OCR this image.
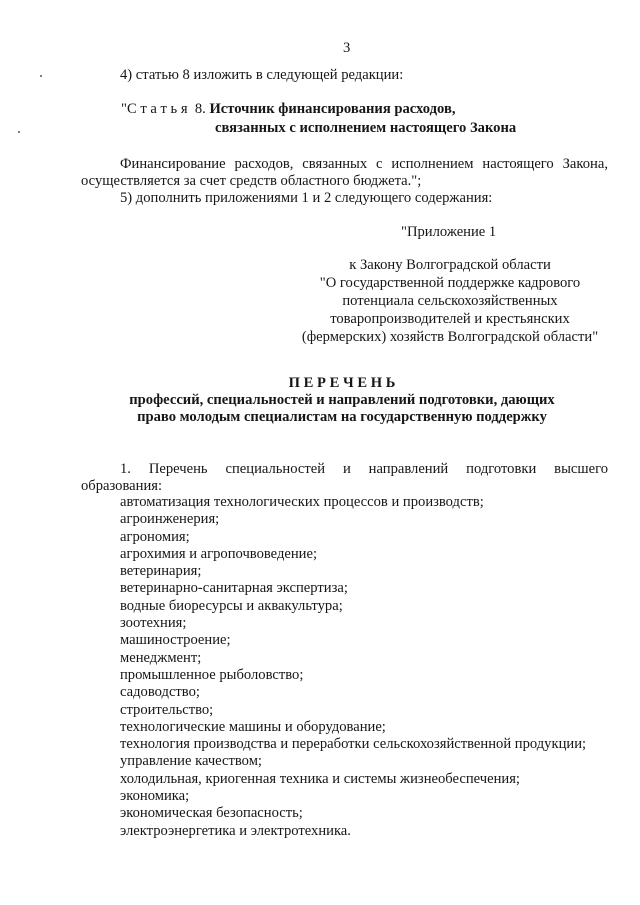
3
4) статью 8 изложить в следующей редакции:
"С т а т ь я  8. Источник финансирования расходов,
связанных с исполнением настоящего Закона
Финансирование расходов, связанных с исполнением настоящего Закона,
осуществляется за счет средств областного бюджета.";
5) дополнить приложениями 1 и 2 следующего содержания:
"Приложение 1
к Закону Волгоградской области
"О государственной поддержке кадрового
потенциала сельскохозяйственных
товаропроизводителей и крестьянских
(фермерских) хозяйств Волгоградской области"
П Е Р Е Ч Е Н Ь
профессий, специальностей и направлений подготовки, дающих
право молодым специалистам на государственную поддержку
1. Перечень специальностей и направлений подготовки высшего
образования:
автоматизация технологических процессов и производств;
агроинженерия;
агрономия;
агрохимия и агропочвоведение;
ветеринария;
ветеринарно-санитарная экспертиза;
водные биоресурсы и аквакультура;
зоотехния;
машиностроение;
менеджмент;
промышленное рыболовство;
садоводство;
строительство;
технологические машины и оборудование;
технология производства и переработки сельскохозяйственной продукции;
управление качеством;
холодильная, криогенная техника и системы жизнеобеспечения;
экономика;
экономическая безопасность;
электроэнергетика и электротехника.
